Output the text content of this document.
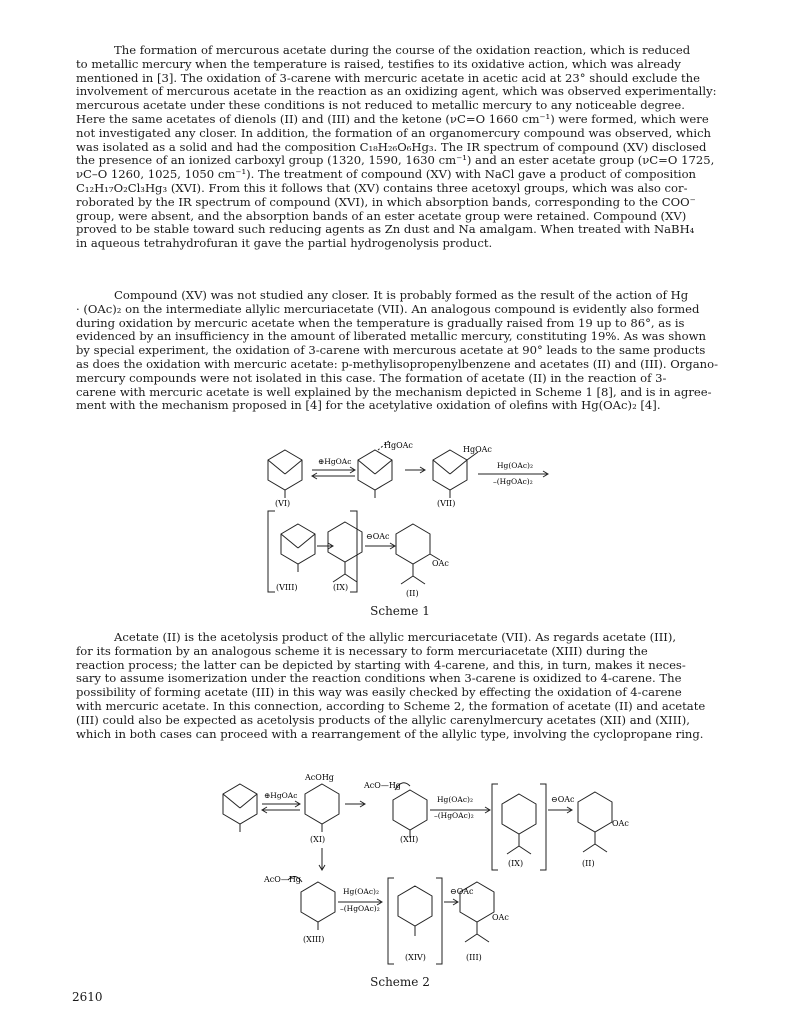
The formation of mercurous acetate during the course of the oxidation reaction, which is reduced
to metallic mercury when the temperature is raised, testifies to its oxidative action, which was already
mentioned in [3]. The oxidation of 3-carene with mercuric acetate in acetic acid at 23° should exclude the
involvement of mercurous acetate in the reaction as an oxidizing agent, which was observed experimentally:
mercurous acetate under these conditions is not reduced to metallic mercury to any noticeable degree.
Here the same acetates of dienols (II) and (III) and the ketone (νC=O 1660 cm⁻¹) were formed, which were
not investigated any closer. In addition, the formation of an organomercury compound was observed, which
was isolated as a solid and had the composition C₁₈H₂₆O₆Hg₃. The IR spectrum of compound (XV) disclosed
the presence of an ionized carboxyl group (1320, 1590, 1630 cm⁻¹) and an ester acetate group (νC=O 1725,
νC–O 1260, 1025, 1050 cm⁻¹). The treatment of compound (XV) with NaCl gave a product of composition
C₁₂H₁₇O₂Cl₃Hg₃ (XVI). From this it follows that (XV) contains three acetoxyl groups, which was also cor-
roborated by the IR spectrum of compound (XVI), in which absorption bands, corresponding to the COO⁻
group, were absent, and the absorption bands of an ester acetate group were retained. Compound (XV)
proved to be stable toward such reducing agents as Zn dust and Na amalgam. When treated with NaBH₄
in aqueous tetrahydrofuran it gave the partial hydrogenolysis product.
Compound (XV) was not studied any closer. It is probably formed as the result of the action of Hg
· (OAc)₂ on the intermediate allylic mercuriacetate (VII). An analogous compound is evidently also formed
during oxidation by mercuric acetate when the temperature is gradually raised from 19 up to 86°, as is
evidenced by an insufficiency in the amount of liberated metallic mercury, constituting 19%. As was shown
by special experiment, the oxidation of 3-carene with mercurous acetate at 90° leads to the same products
as does the oxidation with mercuric acetate: p-methylisopropenylbenzene and acetates (II) and (III). Organo-
mercury compounds were not isolated in this case. The formation of acetate (II) in the reaction of 3-
carene with mercuric acetate is well explained by the mechanism depicted in Scheme 1 [8], and is in agree-
ment with the mechanism proposed in [4] for the acetylative oxidation of olefins with Hg(OAc)₂ [4].
⊕HgOAc
HgOAc	HgOAc
Hg(OAc)₂
–(HgOAc)₂
⊖OAc
OAc
(VI)	(VII)
(VIII)	(IX)
(II)
Scheme 1
Acetate (II) is the acetolysis product of the allylic mercuriacetate (VII). As regards acetate (III),
for its formation by an analogous scheme it is necessary to form mercuriacetate (XIII) during the
reaction process; the latter can be depicted by starting with 4-carene, and this, in turn, makes it neces-
sary to assume isomerization under the reaction conditions when 3-carene is oxidized to 4-carene. The
possibility of forming acetate (III) in this way was easily checked by effecting the oxidation of 4-carene
with mercuric acetate. In this connection, according to Scheme 2, the formation of acetate (II) and acetate
(III) could also be expected as acetolysis products of the allylic carenylmercury acetates (XII) and (XIII),
which in both cases can proceed with a rearrangement of the allylic type, involving the cyclopropane ring.
⊕HgOAc
AcOHg
AcO—Hg
Hg(OAc)₂
–(HgOAc)₂
⊖OAc
OAc
AcO—Hg
Hg(OAc)₂
–(HgOAc)₂
⊖OAc
OAc
(XI)	(XII)
(IX)	(II)
(XIII)
(XIV)	(III)
Scheme 2
2610
